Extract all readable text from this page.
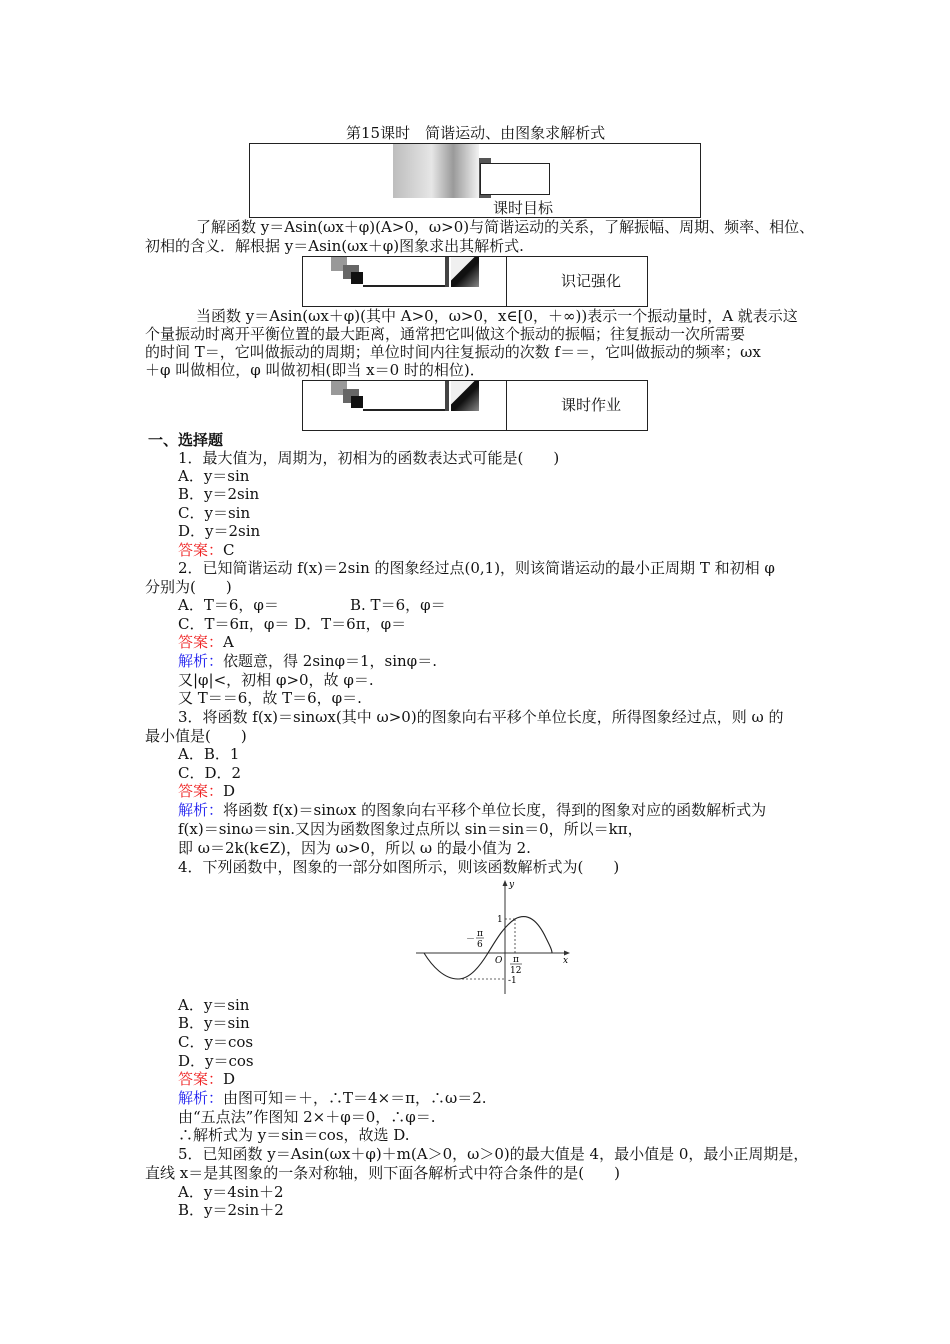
第15课时　简谐运动、由图象求解析式
课时目标
了解函数 y＝Asin(ωx＋φ)(A>0，ω>0)与简谐运动的关系，了解振幅、周期、频率、相位、
初相的含义．解根据 y＝Asin(ωx＋φ)图象求出其解析式.
识记强化
当函数 y＝Asin(ωx＋φ)(其中 A>0，ω>0，x∈[0，＋∞))表示一个振动量时，A 就表示这
个量振动时离开平衡位置的最大距离，通常把它叫做这个振动的振幅；往复振动一次所需要
的时间 T＝，它叫做振动的周期；单位时间内往复振动的次数 f＝＝，它叫做振动的频率；ωx
＋φ 叫做相位，φ 叫做初相(即当 x＝0 时的相位)．
课时作业
一、选择题
1．最大值为，周期为，初相为的函数表达式可能是(　　)
A．y＝sin
B．y＝2sin
C．y＝sin
D．y＝2sin
答案：C
2．已知简谐运动 f(x)＝2sin 的图象经过点(0,1)，则该简谐运动的最小正周期 T 和初相 φ
分别为(　　)
A．T＝6，φ＝	B. T＝6，φ＝
C．T＝6π，φ＝ D．T＝6π，φ＝
答案：A
解析：依题意，得 2sinφ＝1，sinφ＝.
又|φ|<，初相 φ>0，故 φ＝.
又 T＝＝6，故 T＝6，φ＝.
3．将函数 f(x)＝sinωx(其中 ω>0)的图象向右平移个单位长度，所得图象经过点，则 ω 的
最小值是(　　)
A．B．1
C．D．2
答案：D
解析：将函数 f(x)＝sinωx 的图象向右平移个单位长度，得到的图象对应的函数解析式为
f(x)＝sinω＝sin.又因为函数图象过点所以 sin＝sin＝0，所以＝kπ，
即 ω＝2k(k∈Z)，因为 ω>0，所以 ω 的最小值为 2.
4．下列函数中，图象的一部分如图所示，则该函数解析式为(　　)
y
x
O
1
-1
－
π
6
π
12
A．y＝sin
B．y＝sin
C．y＝cos
D．y＝cos
答案：D
解析：由图可知＝＋，∴T＝4×＝π，∴ω＝2.
由“五点法”作图知 2×＋φ＝0，∴φ＝.
∴解析式为 y＝sin＝cos，故选 D.
5．已知函数 y＝Asin(ωx＋φ)＋m(A＞0，ω＞0)的最大值是 4，最小值是 0，最小正周期是，
直线 x＝是其图象的一条对称轴，则下面各解析式中符合条件的是(　　)
A．y＝4sin＋2
B．y＝2sin＋2
